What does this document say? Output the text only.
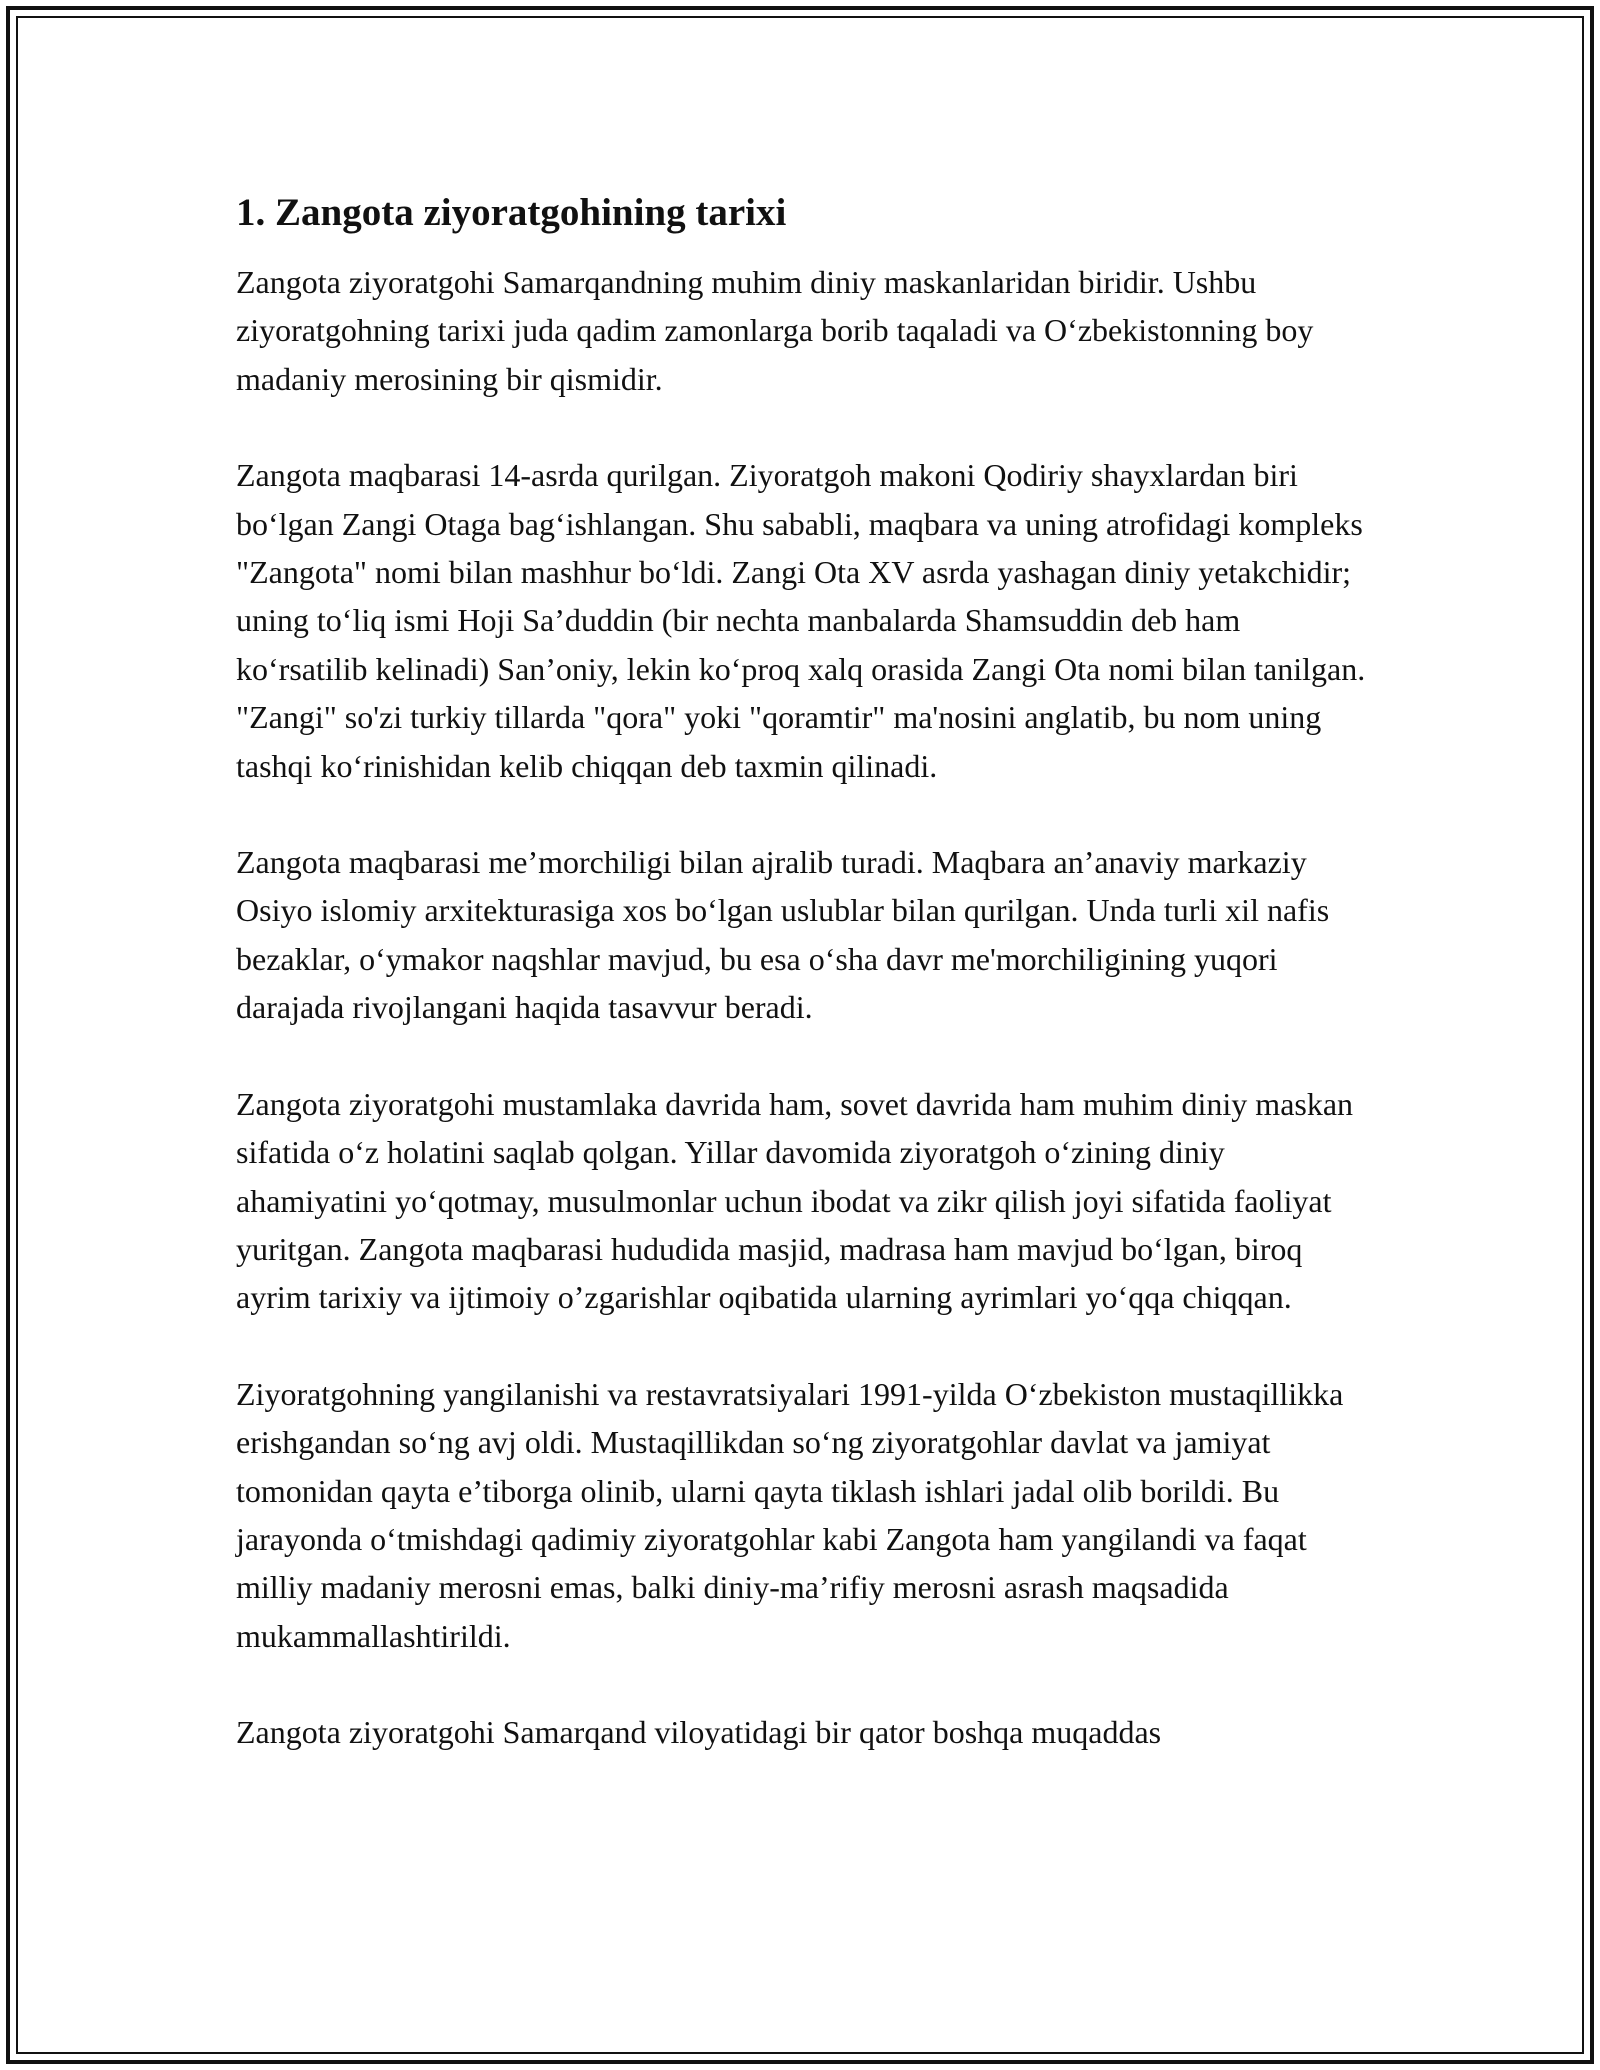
1. Zangota ziyoratgohining tarixi

Zangota ziyoratgohi Samarqandning muhim diniy maskanlaridan biridir. Ushbu ziyoratgohning tarixi juda qadim zamonlarga borib taqaladi va O‘zbekistonning boy madaniy merosining bir qismidir.

Zangota maqbarasi 14-asrda qurilgan. Ziyoratgoh makoni Qodiriy shayxlardan biri bo‘lgan Zangi Otaga bag‘ishlangan. Shu sababli, maqbara va uning atrofidagi kompleks "Zangota" nomi bilan mashhur bo‘ldi. Zangi Ota XV asrda yashagan diniy yetakchidir; uning to‘liq ismi Hoji Sa’duddin (bir nechta manbalarda Shamsuddin deb ham ko‘rsatilib kelinadi) San’oniy, lekin ko‘proq xalq orasida Zangi Ota nomi bilan tanilgan. "Zangi" so'zi turkiy tillarda "qora" yoki "qoramtir" ma'nosini anglatib, bu nom uning tashqi ko‘rinishidan kelib chiqqan deb taxmin qilinadi.

Zangota maqbarasi me’morchiligi bilan ajralib turadi. Maqbara an’anaviy markaziy Osiyo islomiy arxitekturasiga xos bo‘lgan uslublar bilan qurilgan. Unda turli xil nafis bezaklar, o‘ymakor naqshlar mavjud, bu esa o‘sha davr me'morchiligining yuqori darajada rivojlangani haqida tasavvur beradi.

Zangota ziyoratgohi mustamlaka davrida ham, sovet davrida ham muhim diniy maskan sifatida o‘z holatini saqlab qolgan. Yillar davomida ziyoratgoh o‘zining diniy ahamiyatini yo‘qotmay, musulmonlar uchun ibodat va zikr qilish joyi sifatida faoliyat yuritgan. Zangota maqbarasi hududida masjid, madrasa ham mavjud bo‘lgan, biroq ayrim tarixiy va ijtimoiy o’zgarishlar oqibatida ularning ayrimlari yo‘qqa chiqqan.

Ziyoratgohning yangilanishi va restavratsiyalari 1991-yilda O‘zbekiston mustaqillikka erishgandan so‘ng avj oldi. Mustaqillikdan so‘ng ziyoratgohlar davlat va jamiyat tomonidan qayta e’tiborga olinib, ularni qayta tiklash ishlari jadal olib borildi. Bu jarayonda o‘tmishdagi qadimiy ziyoratgohlar kabi Zangota ham yangilandi va faqat milliy madaniy merosni emas, balki diniy-ma’rifiy merosni asrash maqsadida mukammallashtirildi.

Zangota ziyoratgohi Samarqand viloyatidagi bir qator boshqa muqaddas
